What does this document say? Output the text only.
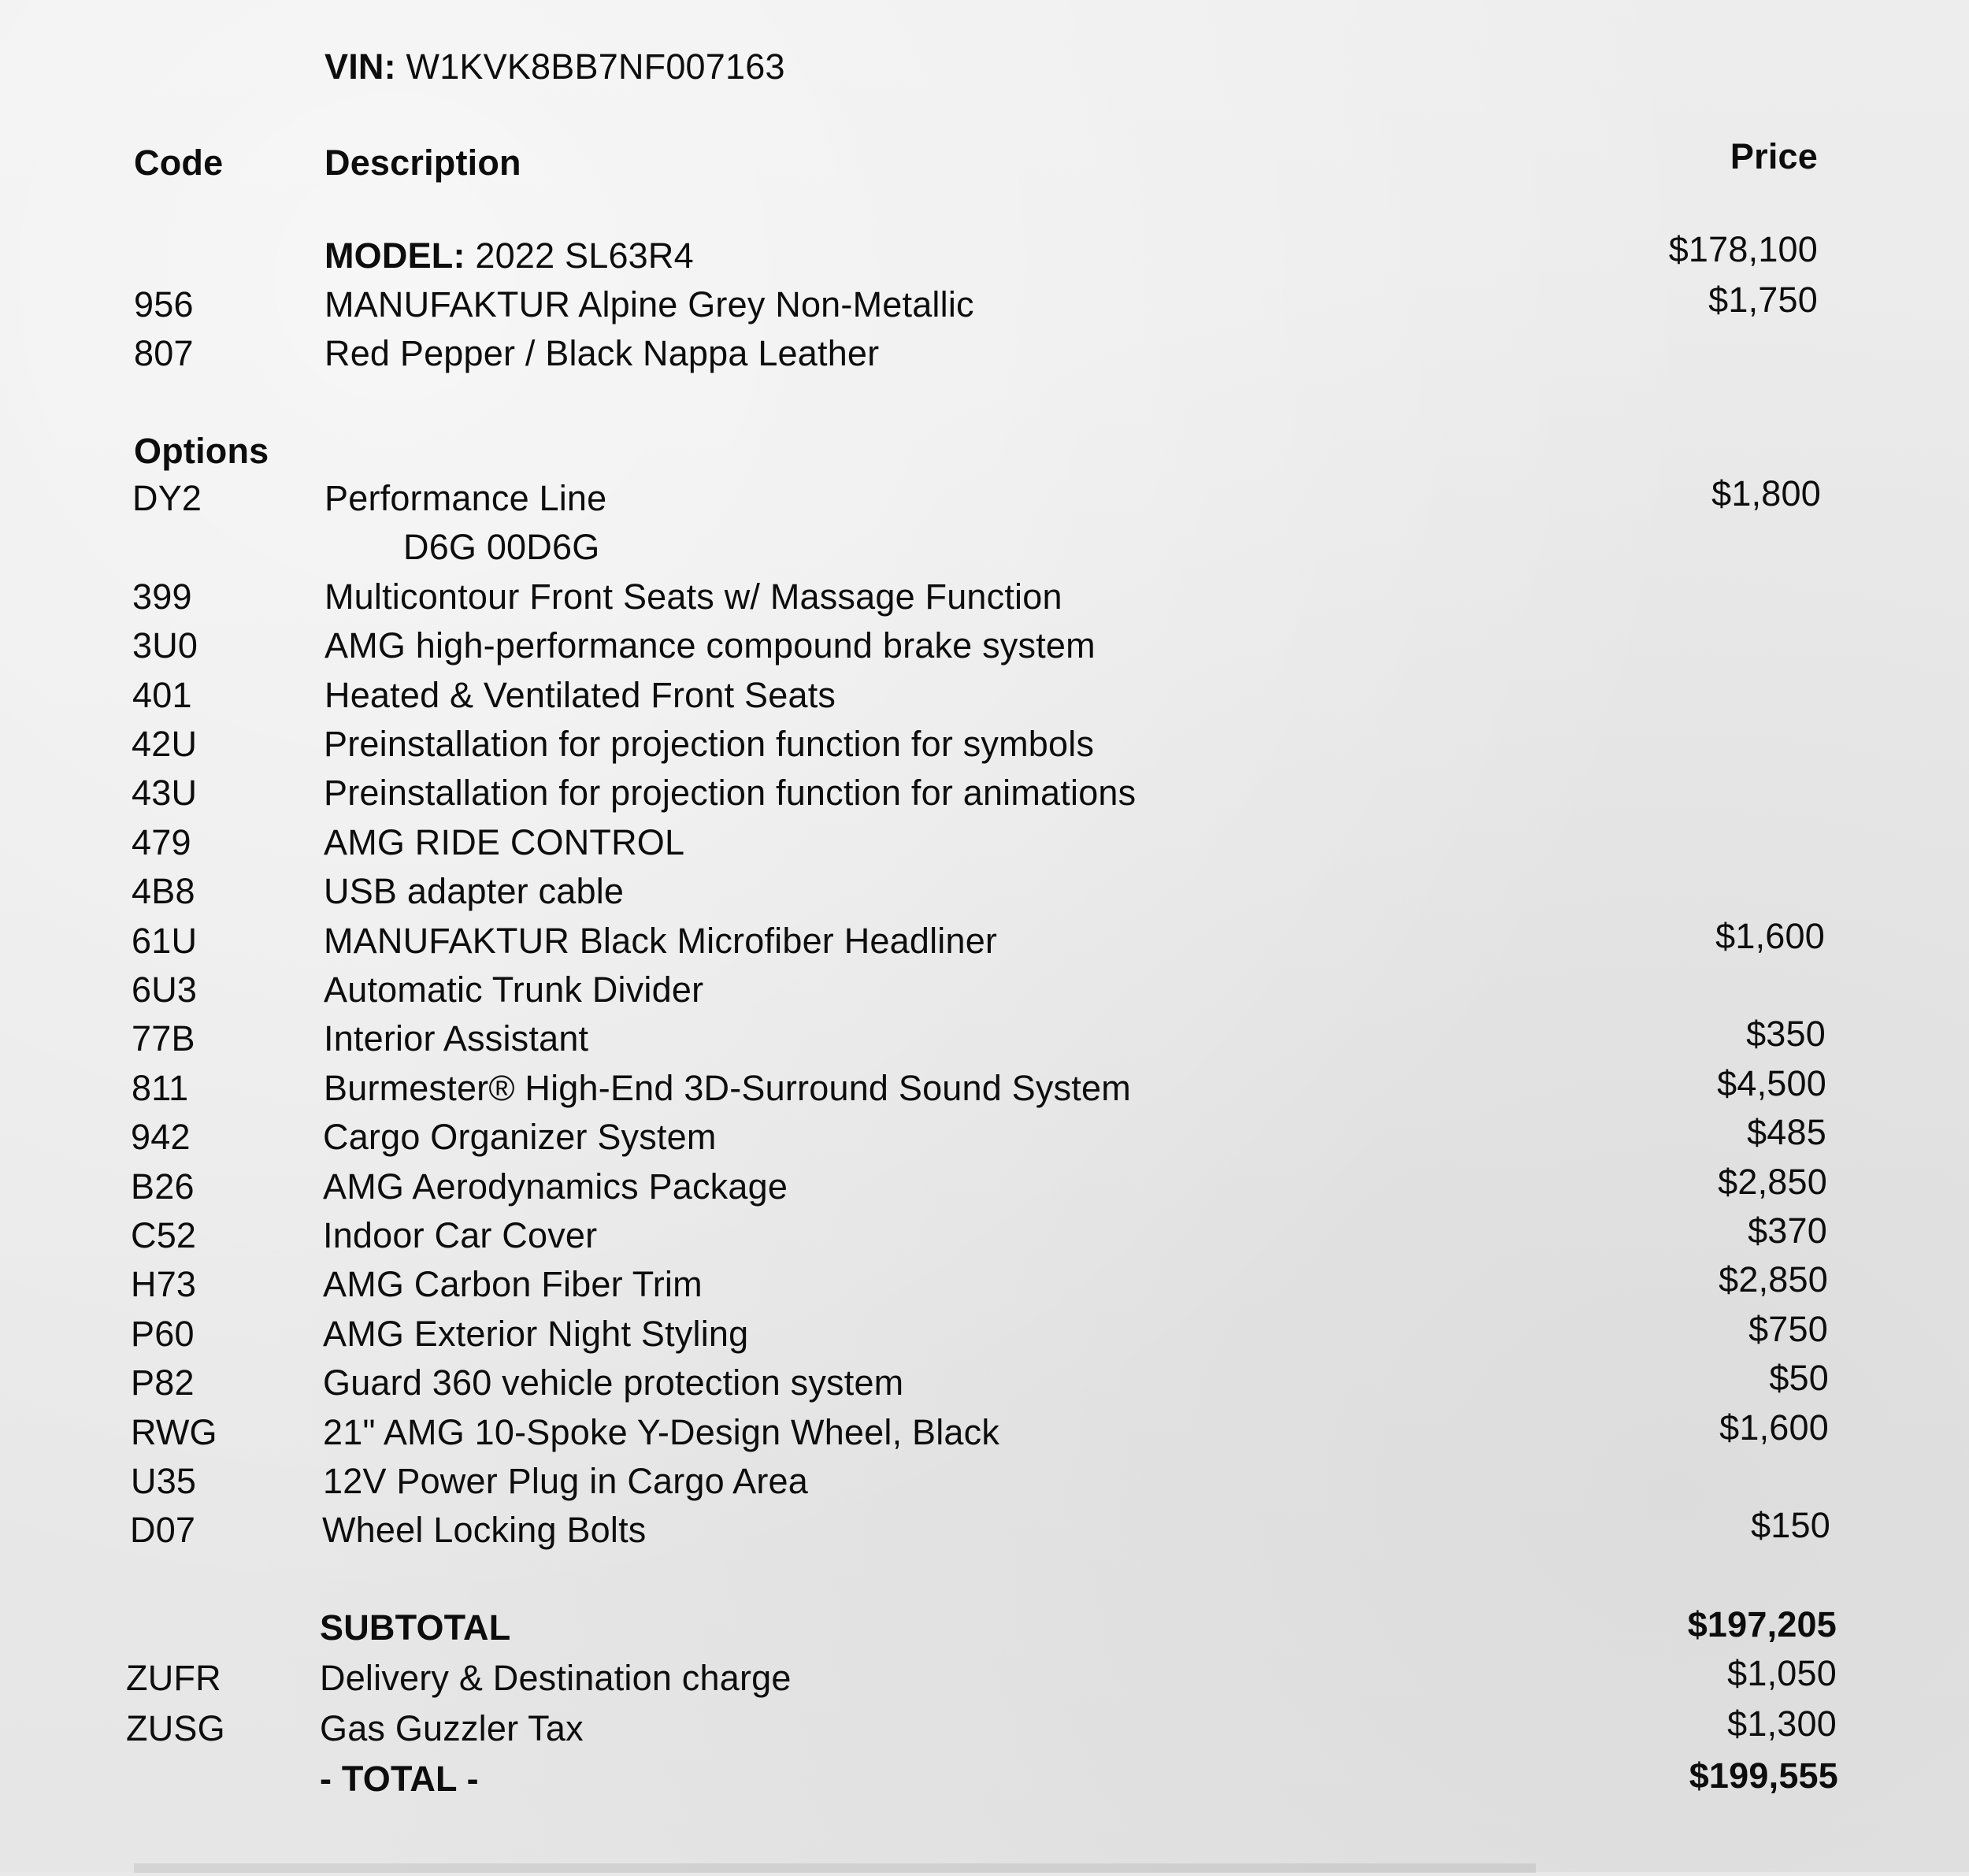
VIN: W1KVK8BB7NF007163
Code	Description	Price
MODEL: 2022 SL63R4	$178,100
956	MANUFAKTUR Alpine Grey Non-Metallic	$1,750
807	Red Pepper / Black Nappa Leather
Options
DY2	Performance Line	$1,800
D6G 00D6G
399	Multicontour Front Seats w/ Massage Function
3U0	AMG high-performance compound brake system
401	Heated & Ventilated Front Seats
42U	Preinstallation for projection function for symbols
43U	Preinstallation for projection function for animations
479	AMG RIDE CONTROL
4B8	USB adapter cable
61U	MANUFAKTUR Black Microfiber Headliner	$1,600
6U3	Automatic Trunk Divider
77B	Interior Assistant	$350
811	Burmester® High-End 3D-Surround Sound System	$4,500
942	Cargo Organizer System	$485
B26	AMG Aerodynamics Package	$2,850
C52	Indoor Car Cover	$370
H73	AMG Carbon Fiber Trim	$2,850
P60	AMG Exterior Night Styling	$750
P82	Guard 360 vehicle protection system	$50
RWG	21" AMG 10-Spoke Y-Design Wheel, Black	$1,600
U35	12V Power Plug in Cargo Area
D07	Wheel Locking Bolts	$150
SUBTOTAL	$197,205
ZUFR	Delivery & Destination charge	$1,050
ZUSG	Gas Guzzler Tax	$1,300
- TOTAL -	$199,555
